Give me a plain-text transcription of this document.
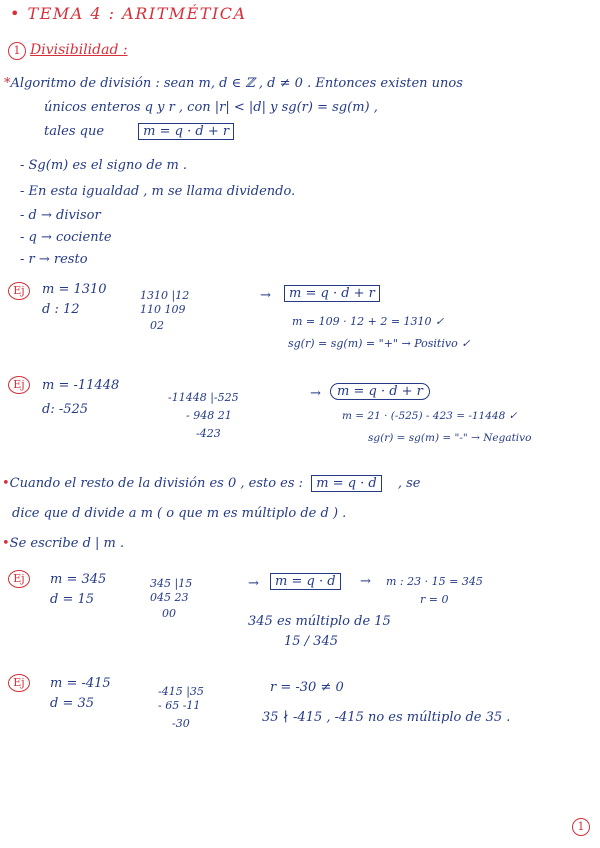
• TEMA 4 : ARITMÉTICA
1 Divisibilidad :
*Algoritmo de división : sean m, d ∈ ℤ , d ≠ 0 . Entonces existen unos
únicos enteros q y r , con |r| < |d| y sg(r) = sg(m) ,
tales que	m = q · d + r
- Sg(m) es el signo de m .
- En esta igualdad , m se llama dividendo.
- d → divisor
- q → cociente
- r → resto
Ej	m = 1310
d : 12
1310 |12
110 109
02
→	m = q · d + r
m = 109 · 12 + 2 = 1310 ✓
sg(r) = sg(m) = "+" → Positivo ✓
Ej	m = -11448
d: -525
-11448 |-525
- 948 21
-423
→	m = q · d + r
m = 21 · (-525) - 423 = -11448 ✓
sg(r) = sg(m) = "-" → Negativo
•Cuando el resto de la división es 0 , esto es : m = q · d , se
dice que d divide a m ( o que m es múltiplo de d ) .
•Se escribe d | m .
Ej	m = 345
d = 15
345 |15
045 23
00
→	m = q · d	→ m : 23 · 15 = 345
r = 0
345 es múltiplo de 15
15 / 345
Ej	m = -415
d = 35
-415 |35
- 65 -11
-30
r = -30 ≠ 0
35 ∤ -415 , -415 no es múltiplo de 35 .
1
